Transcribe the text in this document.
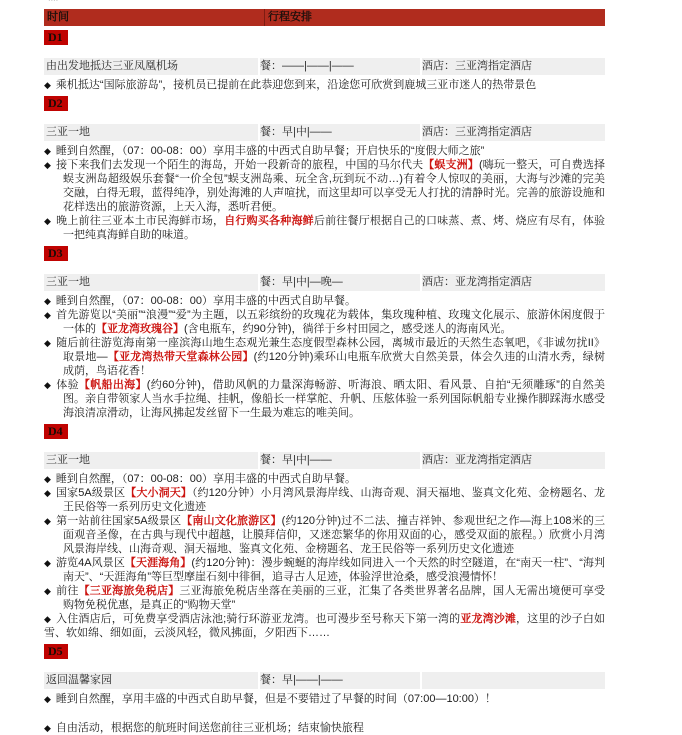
᠁
时间	行程安排
D1
由出发地抵达三亚凤凰机场	餐：——|——|——	酒店：三亚湾指定酒店

◆ 乘机抵达“国际旅游岛”，接机员已提前在此恭迎您到来，沿途您可欣赏到鹿城三亚市迷人的热带景色

D2
三亚一地	餐：早|中|——	酒店：三亚湾指定酒店

◆ 睡到自然醒，（07：00-08：00）享用丰盛的中西式自助早餐；开启快乐的“度假大师之旅”

◆ 接下来我们去发现一个陌生的海岛，开始一段新奇的旅程，中国的马尔代夫【蜈支洲】(嗨玩一整天，可自费选择蜈支洲岛超级娱乐套餐“一价全包”蜈支洲岛乘、玩全含,玩到玩不动…)有着令人惊叹的美丽，大海与沙滩的完美交融，白得无瑕，蓝得纯净，别处海滩的人声喧扰，而这里却可以享受无人打扰的清静时光。完善的旅游设施和花样迭出的旅游资源，上天入海，悉听君便。

◆ 晚上前往三亚本土市民海鲜市场，自行购买各种海鲜后前往餐厅根据自己的口味蒸、煮、烤、烧应有尽有，体验一把纯真海鲜自助的味道。

D3
三亚一地	餐：早|中|—晚—	酒店：亚龙湾指定酒店

◆ 睡到自然醒，（07：00-08：00）享用丰盛的中西式自助早餐。

◆ 首先游览以“美丽”“浪漫”“爱”为主题，以五彩缤纷的玫瑰花为载体，集玫瑰种植、玫瑰文化展示、旅游休闲度假于一体的【亚龙湾玫瑰谷】(含电瓶车，约90分钟)，徜徉于乡村田园之，感受迷人的海南风光。

◆ 随后前往游览海南第一座滨海山地生态观光兼生态度假型森林公园，离城市最近的天然生态氧吧，《非诚勿扰II》取景地—【亚龙湾热带天堂森林公园】(约120分钟)乘环山电瓶车欣赏大自然美景，体会久违的山清水秀，绿树成荫，鸟语花香！

◆ 体验【帆船出海】(约60分钟)，借助风帆的力量深海畅游、听海浪、晒太阳、看风景、自拍“无须雕琢”的自然美图。亲自带领家人当水手拉绳、挂帆，像船长一样掌舵、升帆、压舷体验一系列国际帆船专业操作脚踩海水感受海浪清凉滑动，让海风拂起发丝留下一生最为难忘的唯美间。

D4
三亚一地	餐：早|中|——	酒店：亚龙湾指定酒店

◆ 睡到自然醒，（07：00-08：00）享用丰盛的中西式自助早餐。

◆ 国家5A级景区【大小洞天】（约120分钟）小月湾风景海岸线、山海奇观、洞天福地、鉴真文化苑、金榜题名、龙王民俗等一系列历史文化遗迹

◆ 第一站前往国家5A级景区【南山文化旅游区】(约120分钟)过不二法、撞吉祥钟、参观世纪之作—海上108米的三面观音圣像，在古典与现代中超越，让膜拜信仰，又迷恋繁华的你用双面的心，感受双面的旅程。）欣赏小月湾风景海岸线、山海奇观、洞天福地、鉴真文化苑、金榜题名、龙王民俗等一系列历史文化遗迹

◆ 游览4A风景区【天涯海角】(约120分钟)：漫步蜿蜒的海岸线如同进入一个天然的时空隧道，在“南天一柱”、“海判南天”、“天涯海角”等巨型摩崖石刻中徘徊，追寻古人足迹，体验浮世沧桑，感受浪漫情怀！

◆ 前往【三亚海旅免税店】三亚海旅免税店坐落在美丽的三亚，汇集了各类世界著名品牌，国人无需出境便可享受购物免税优惠，是真正的“购物天堂”

◆ 入住酒店后，可免费享受酒店泳池;骑行环游亚龙湾。也可漫步至号称天下第一湾的亚龙湾沙滩，这里的沙子白如雪、软如绵、细如面，云淡风轻，微风拂面，夕阳西下……

D5
返回温馨家园	餐：早|——|——

◆ 睡到自然醒，享用丰盛的中西式自助早餐，但是不要错过了早餐的时间（07:00—10:00）！

◆ 自由活动，根据您的航班时间送您前往三亚机场；结束愉快旅程
